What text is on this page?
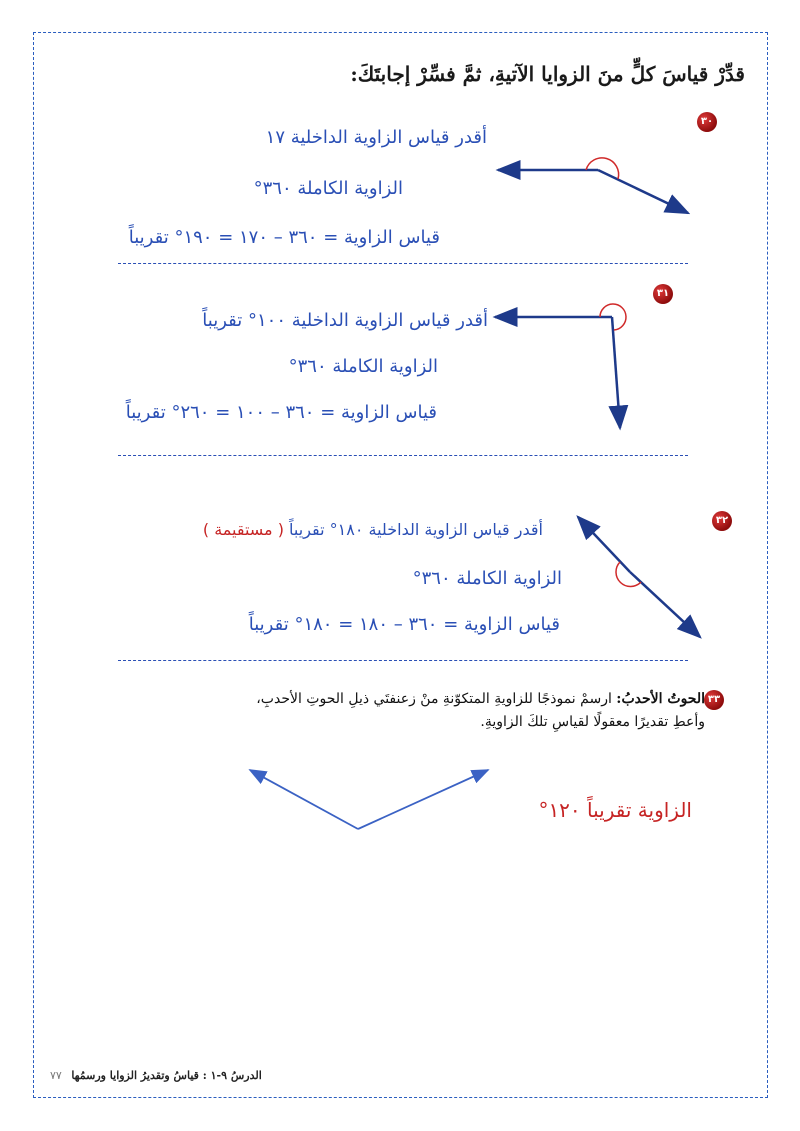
قدِّرْ قياسَ كلٍّ منَ الزوايا الآتيةِ، ثمَّ فسِّرْ إجابتَكَ:
٣٠
أقدر قياس الزاوية الداخلية ١٧
الزاوية الكاملة ٣٦٠°
قياس الزاوية = ٣٦٠ – ١٧٠ = ١٩٠° تقريباً
٣١
أقدر قياس الزاوية الداخلية ١٠٠° تقريباً
الزاوية الكاملة ٣٦٠°
قياس الزاوية = ٣٦٠ – ١٠٠ = ٢٦٠° تقريباً
٣٢
أقدر قياس الزاوية الداخلية ١٨٠° تقريباً ( مستقيمة )
الزاوية الكاملة ٣٦٠°
قياس الزاوية = ٣٦٠ – ١٨٠ = ١٨٠° تقريباً
٣٣
الحوتُ الأحدبُ: ارسمْ نموذجًا للزاويةِ المتكوّنةِ منْ زعنفتَي ذيلِ الحوتِ الأحدبِ،
وأعطِ تقديرًا معقولًا لقياسِ تلكَ الزاويةِ.
الزاوية تقريباً ١٢٠°
الدرسُ ٩-١ : قياسُ وتقديرُ الزوايا ورسمُها ٧٧
